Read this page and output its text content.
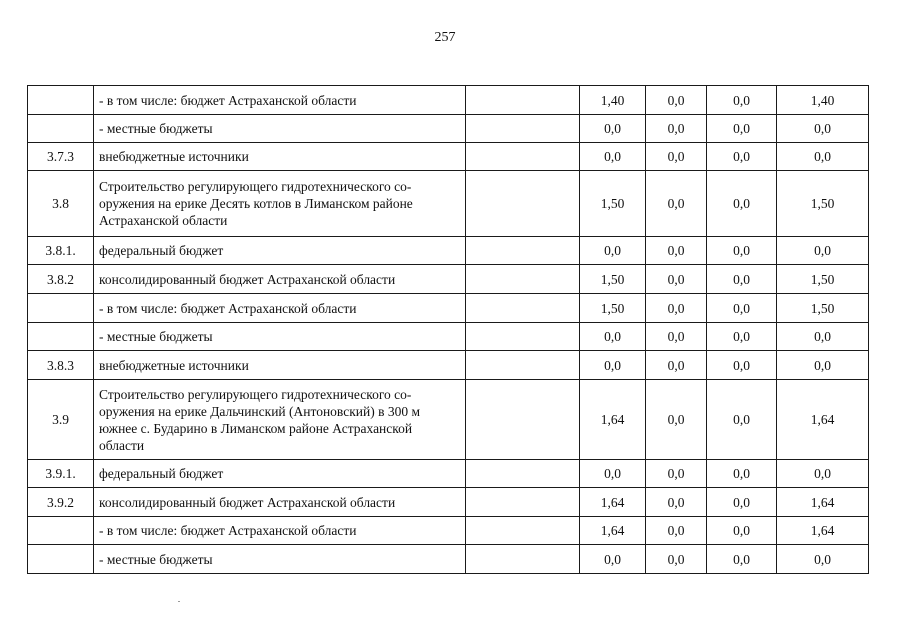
257
	- в том числе: бюджет Астраханской области		1,40	0,0	0,0	1,40
	- местные бюджеты		0,0	0,0	0,0	0,0
3.7.3	внебюджетные источники		0,0	0,0	0,0	0,0
3.8	Строительство регулирующего гидротехнического со-
оружения на ерике Десять котлов в Лиманском районе
Астраханской области		1,50	0,0	0,0	1,50
3.8.1.	федеральный бюджет		0,0	0,0	0,0	0,0
3.8.2	консолидированный бюджет Астраханской области		1,50	0,0	0,0	1,50
	- в том числе: бюджет Астраханской области		1,50	0,0	0,0	1,50
	- местные бюджеты		0,0	0,0	0,0	0,0
3.8.3	внебюджетные источники		0,0	0,0	0,0	0,0
3.9	Строительство регулирующего гидротехнического со-
оружения на ерике Дальчинский (Антоновский) в 300 м
южнее с. Бударино в Лиманском районе Астраханской
области		1,64	0,0	0,0	1,64
3.9.1.	федеральный бюджет		0,0	0,0	0,0	0,0
3.9.2	консолидированный бюджет Астраханской области		1,64	0,0	0,0	1,64
	- в том числе: бюджет Астраханской области		1,64	0,0	0,0	1,64
	- местные бюджеты		0,0	0,0	0,0	0,0
